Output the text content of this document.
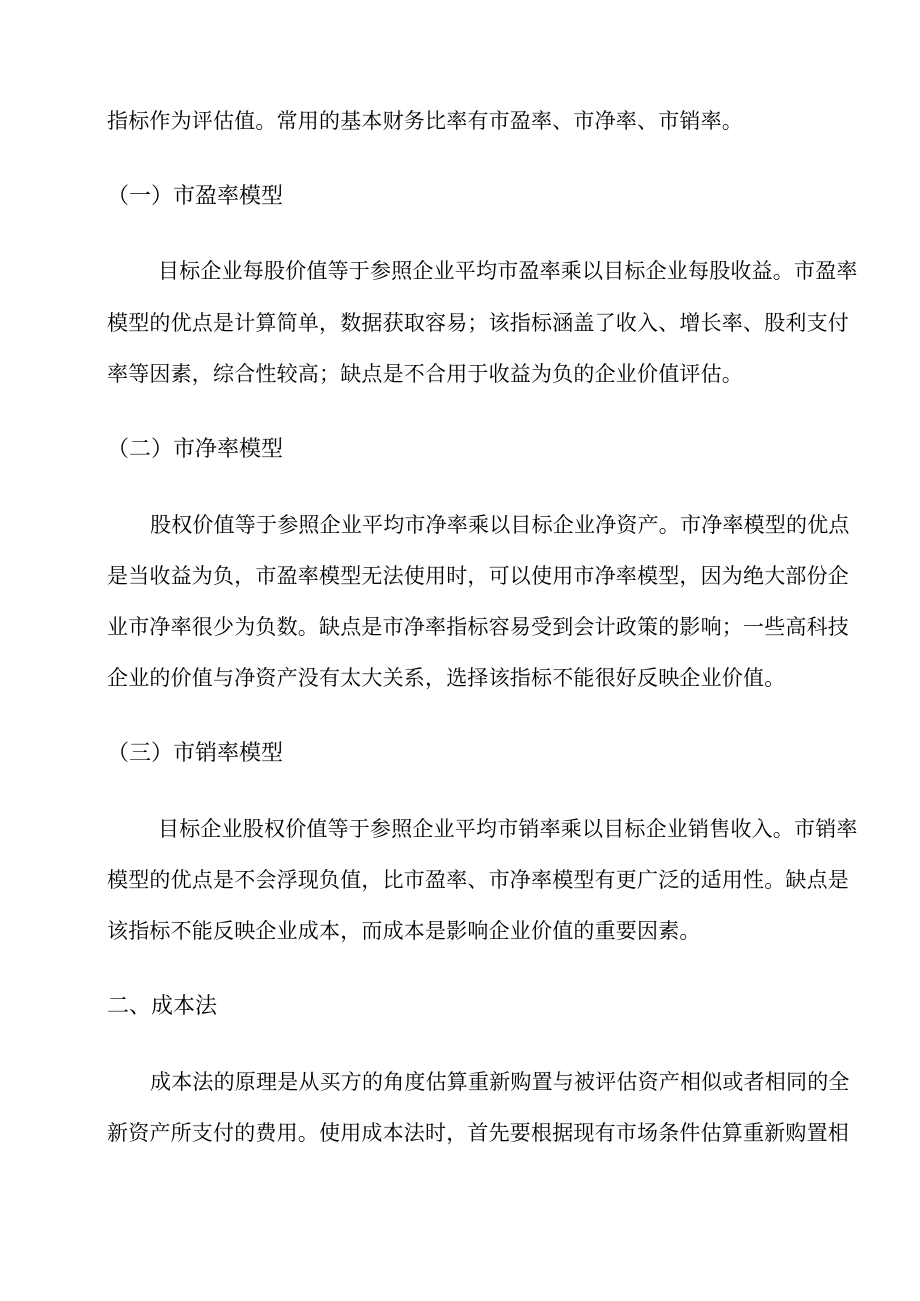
指标作为评估值。常用的基本财务比率有市盈率、市净率、市销率。
（一）市盈率模型
目标企业每股价值等于参照企业平均市盈率乘以目标企业每股收益。市盈率
模型的优点是计算简单，数据获取容易；该指标涵盖了收入、增长率、股利支付
率等因素，综合性较高；缺点是不合用于收益为负的企业价值评估。
（二）市净率模型
股权价值等于参照企业平均市净率乘以目标企业净资产。市净率模型的优点
是当收益为负，市盈率模型无法使用时，可以使用市净率模型，因为绝大部份企
业市净率很少为负数。缺点是市净率指标容易受到会计政策的影响；一些高科技
企业的价值与净资产没有太大关系，选择该指标不能很好反映企业价值。
（三）市销率模型
目标企业股权价值等于参照企业平均市销率乘以目标企业销售收入。市销率
模型的优点是不会浮现负值，比市盈率、市净率模型有更广泛的适用性。缺点是
该指标不能反映企业成本，而成本是影响企业价值的重要因素。
二、成本法
成本法的原理是从买方的角度估算重新购置与被评估资产相似或者相同的全
新资产所支付的费用。使用成本法时，首先要根据现有市场条件估算重新购置相
